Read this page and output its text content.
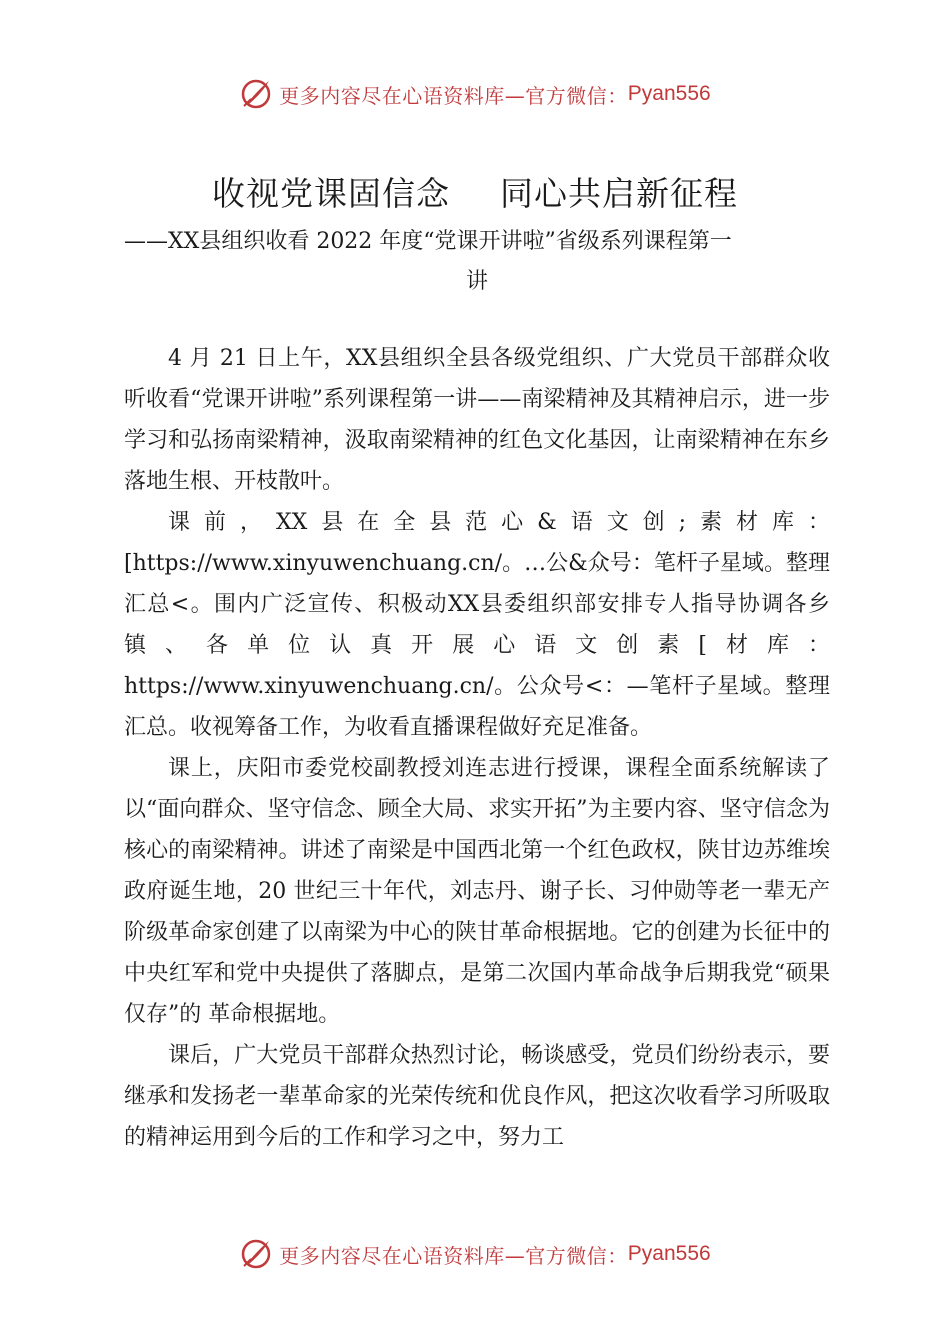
更多内容尽在心语资料库—官方微信： Pyan556
收视党课固信念 同心共启新征程
——XX县组织收看 2022 年度“党课开讲啦”省级系列课程第一
讲

4 月 21 日上午，XX县组织全县各级党组织、广大党员干部群众收听收看“党课开讲啦”系列课程第一讲——南梁精神及其精神启示，进一步学习和弘扬南梁精神，汲取南梁精神的红色文化基因，让南梁精神在东乡落地生根、开枝散叶。

课前，XX县在全县范心&语文创;素材库：[https://www.xinyuwenchuang.cn/。…公&众号：笔杆子星域。整理汇总<。围内广泛宣传、积极动XX县委组织部安排专人指导协调各乡镇、各单位认真开展心语文创素[材库：https://www.xinyuwenchuang.cn/。公众号<：—笔杆子星域。整理汇总。收视筹备工作，为收看直播课程做好充足准备。

课上，庆阳市委党校副教授刘连志进行授课，课程全面系统解读了以“面向群众、坚守信念、顾全大局、求实开拓”为主要内容、坚守信念为核心的南梁精神。讲述了南梁是中国西北第一个红色政权，陕甘边苏维埃政府诞生地，20 世纪三十年代，刘志丹、谢子长、习仲勋等老一辈无产阶级革命家创建了以南梁为中心的陕甘革命根据地。它的创建为长征中的中央红军和党中央提供了落脚点，是第二次国内革命战争后期我党“硕果仅存”的 革命根据地。

课后，广大党员干部群众热烈讨论，畅谈感受，党员们纷纷表示，要继承和发扬老一辈革命家的光荣传统和优良作风，把这次收看学习所吸取的精神运用到今后的工作和学习之中，努力工

更多内容尽在心语资料库—官方微信： Pyan556
